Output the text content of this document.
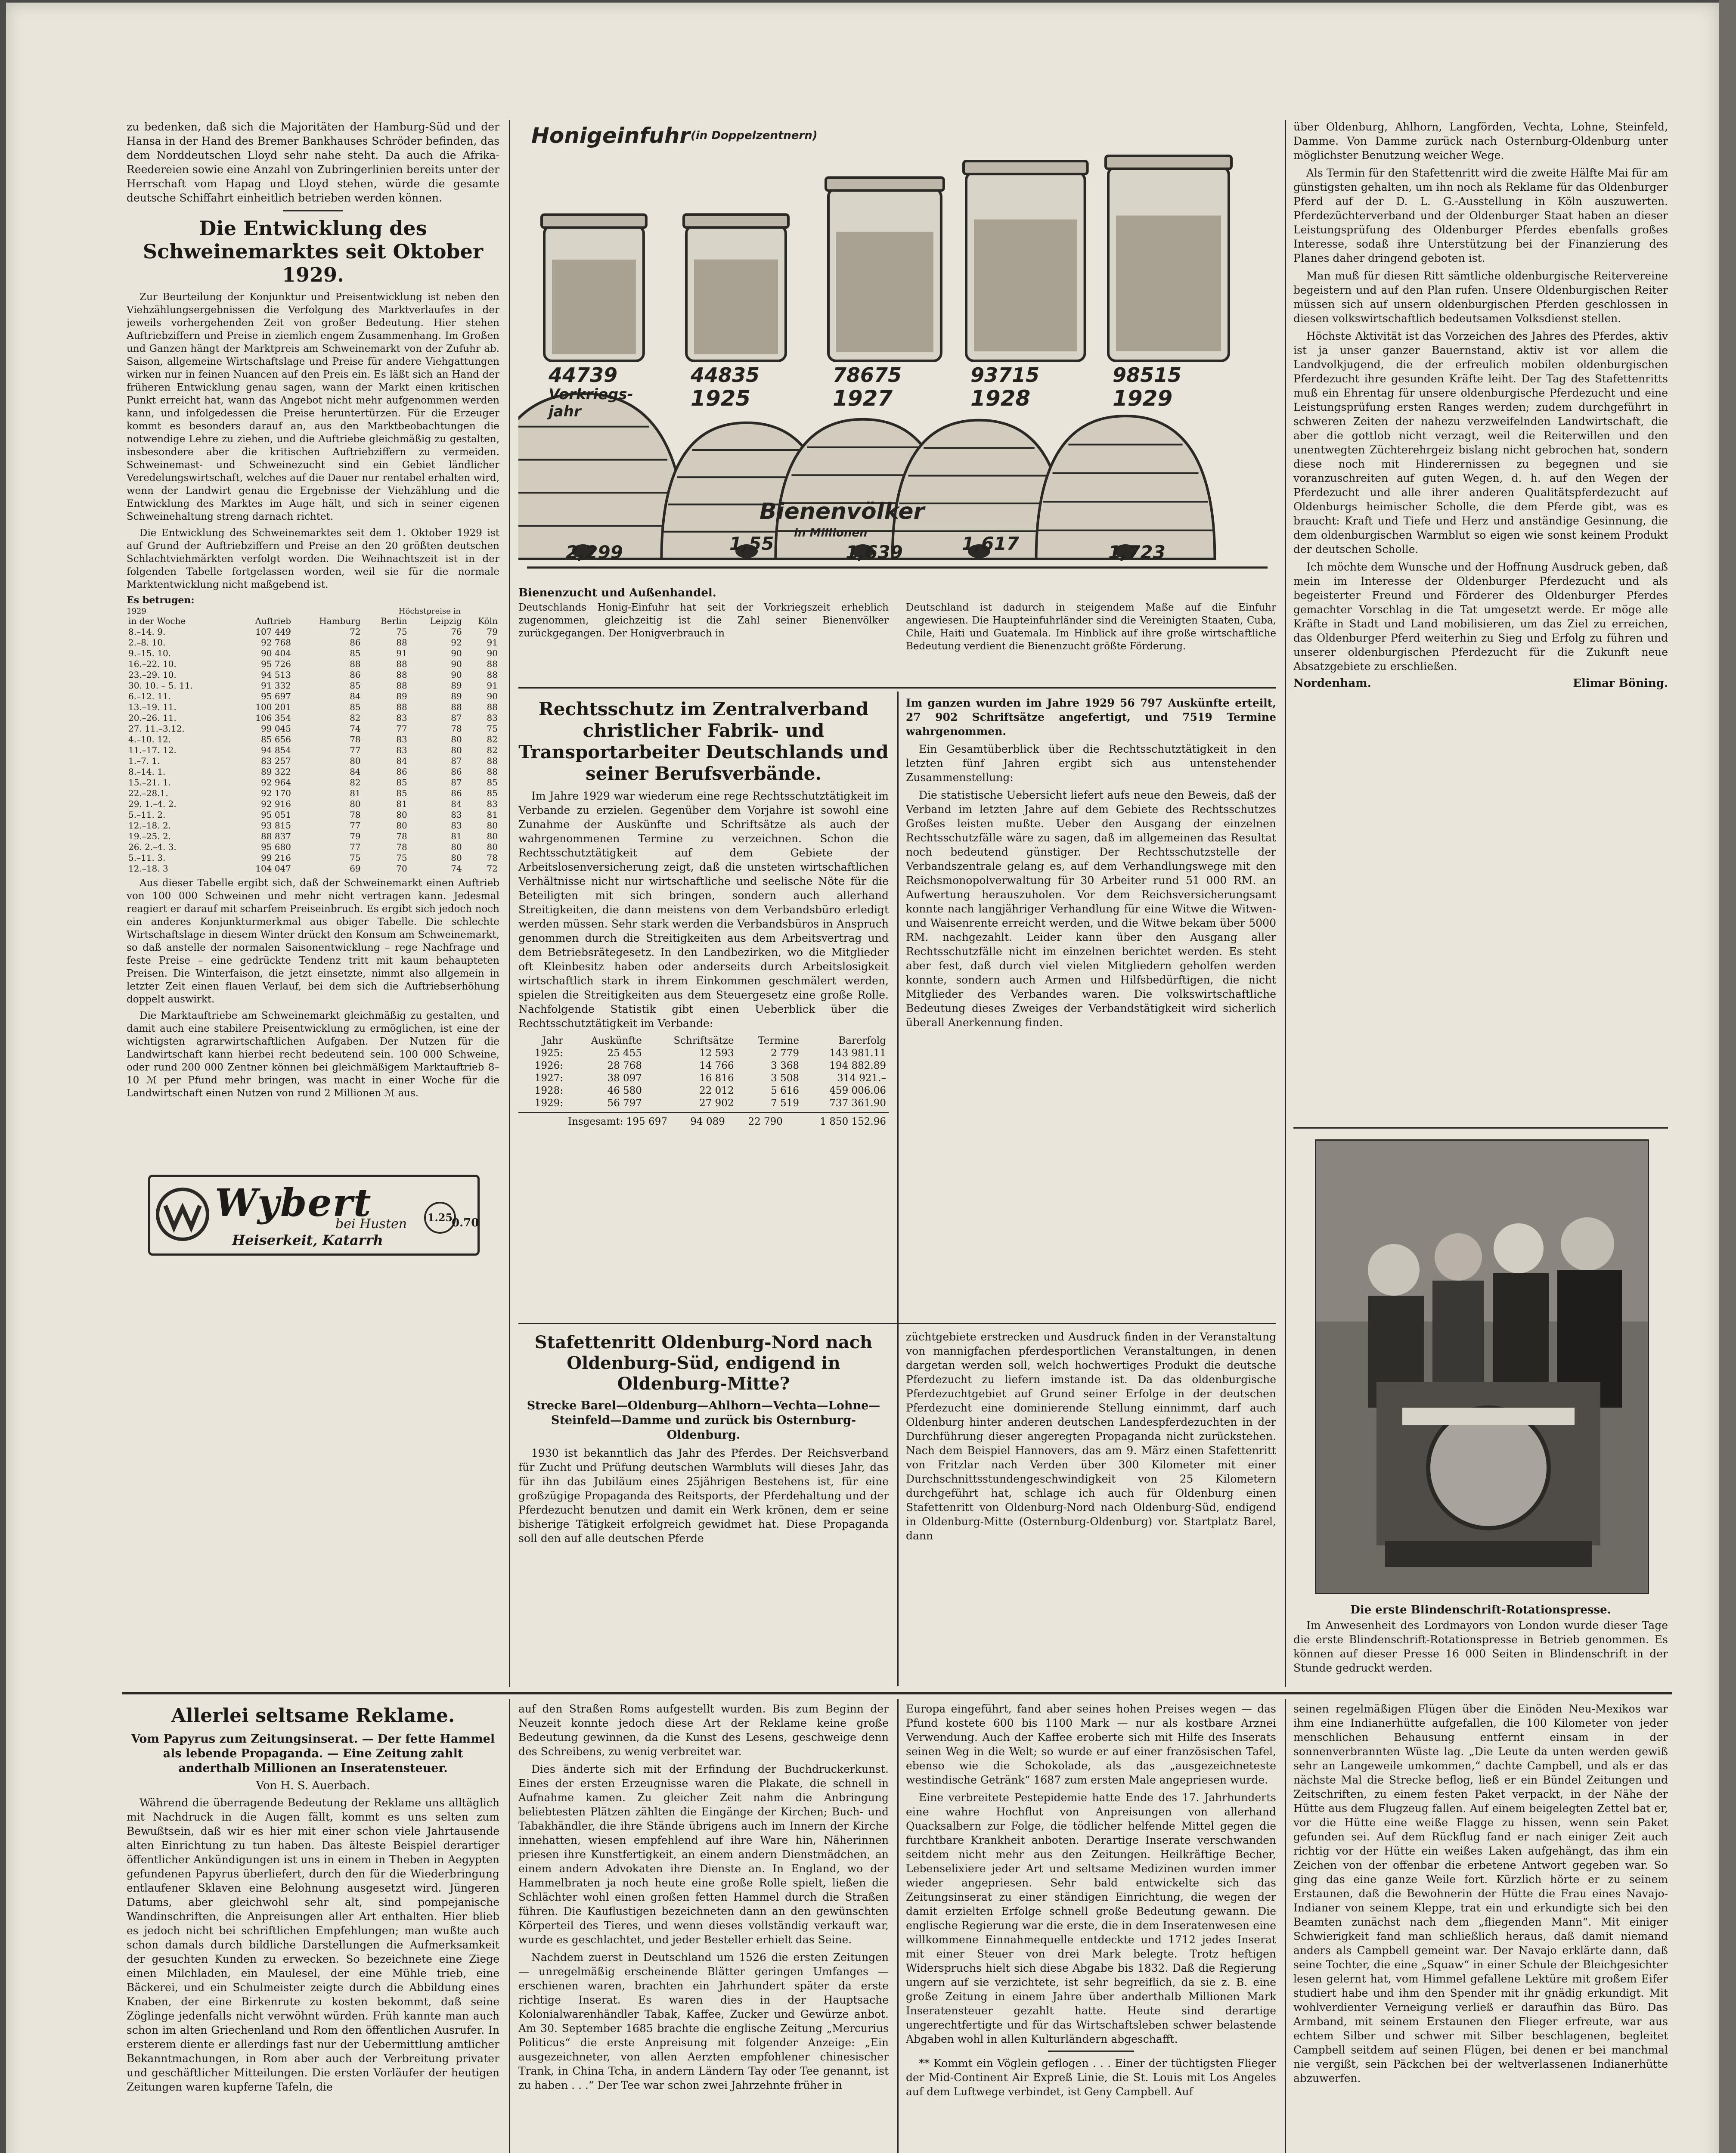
zu bedenken, daß sich die Majoritäten der Hamburg-Süd und der Hansa in der Hand des Bremer Bankhauses Schröder befinden, das dem Norddeutschen Lloyd sehr nahe steht. Da auch die Afrika-Reedereien sowie eine Anzahl von Zubringerlinien bereits unter der Herrschaft vom Hapag und Lloyd stehen, würde die gesamte deutsche Schiffahrt einheitlich betrieben werden können.

Die Entwicklung des Schweinemarktes seit Oktober 1929.

Zur Beurteilung der Konjunktur und Preisentwicklung ist neben den Viehzählungsergebnissen die Verfolgung des Marktverlaufes in der jeweils vorhergehenden Zeit von großer Bedeutung. Hier stehen Auftriebziffern und Preise in ziemlich engem Zusammenhang. Im Großen und Ganzen hängt der Marktpreis am Schweinemarkt von der Zufuhr ab. Saison, allgemeine Wirtschaftslage und Preise für andere Viehgattungen wirken nur in feinen Nuancen auf den Preis ein. Es läßt sich an Hand der früheren Entwicklung genau sagen, wann der Markt einen kritischen Punkt erreicht hat, wann das Angebot nicht mehr aufgenommen werden kann, und infolgedessen die Preise heruntertürzen. Für die Erzeuger kommt es besonders darauf an, aus den Marktbeobachtungen die notwendige Lehre zu ziehen, und die Auftriebe gleichmäßig zu gestalten, insbesondere aber die kritischen Auftriebziffern zu vermeiden. Schweinemast- und Schweinezucht sind ein Gebiet ländlicher Veredelungswirtschaft, welches auf die Dauer nur rentabel erhalten wird, wenn der Landwirt genau die Ergebnisse der Viehzählung und die Entwicklung des Marktes im Auge hält, und sich in seiner eigenen Schweinehaltung streng darnach richtet.

Die Entwicklung des Schweinemarktes seit dem 1. Oktober 1929 ist auf Grund der Auftriebziffern und Preise an den 20 größten deutschen Schlachtviehmärkten verfolgt worden. Die Weihnachtszeit ist in der folgenden Tabelle fortgelassen worden, weil sie für die normale Marktentwicklung nicht maßgebend ist.

Es betrugen:
1929	Höchstpreise in
in der Woche	Auftrieb	Hamburg	Berlin	Leipzig	Köln
8.–14. 9.	107 449	72	75	76	79
2.–8. 10.	92 768	86	88	92	91
9.–15. 10.	90 404	85	91	90	90
16.–22. 10.	95 726	88	88	90	88
23.–29. 10.	94 513	86	88	90	88
30. 10. – 5. 11.	91 332	85	88	89	91
6.–12. 11.	95 697	84	89	89	90
13.–19. 11.	100 201	85	88	88	88
20.–26. 11.	106 354	82	83	87	83
27. 11.–3.12.	99 045	74	77	78	75
4.–10. 12.	85 656	78	83	80	82
11.–17. 12.	94 854	77	83	80	82
1.–7. 1.	83 257	80	84	87	88
8.–14. 1.	89 322	84	86	86	88
15.–21. 1.	92 964	82	85	87	85
22.–28.1.	92 170	81	85	86	85
29. 1.–4. 2.	92 916	80	81	84	83
5.–11. 2.	95 051	78	80	83	81
12.–18. 2.	93 815	77	80	83	80
19.–25. 2.	88 837	79	78	81	80
26. 2.–4. 3.	95 680	77	78	80	80
5.–11. 3.	99 216	75	75	80	78
12.–18. 3	104 047	69	70	74	72

Aus dieser Tabelle ergibt sich, daß der Schweinemarkt einen Auftrieb von 100 000 Schweinen und mehr nicht vertragen kann. Jedesmal reagiert er darauf mit scharfem Preiseinbruch. Es ergibt sich jedoch noch ein anderes Konjunkturmerkmal aus obiger Tabelle. Die schlechte Wirtschaftslage in diesem Winter drückt den Konsum am Schweinemarkt, so daß anstelle der normalen Saisonentwicklung – rege Nachfrage und feste Preise – eine gedrückte Tendenz tritt mit kaum behaupteten Preisen. Die Winterfaison, die jetzt einsetzte, nimmt also allgemein in letzter Zeit einen flauen Verlauf, bei dem sich die Auftriebserhöhung doppelt auswirkt.

Die Marktauftriebe am Schweinemarkt gleichmäßig zu gestalten, und damit auch eine stabilere Preisentwicklung zu ermöglichen, ist eine der wichtigsten agrarwirtschaftlichen Aufgaben. Der Nutzen für die Landwirtschaft kann hierbei recht bedeutend sein. 100 000 Schweine, oder rund 200 000 Zentner können bei gleichmäßigem Marktauftrieb 8–10 ℳ per Pfund mehr bringen, was macht in einer Woche für die Landwirtschaft einen Nutzen von rund 2 Millionen ℳ aus.

Wybert
bei Husten
Heiserkeit, Katarrh
1.25
0.70
Honigeinfuhr (in Doppelzentnern)
44739
Vorkriegs-jahr
44835
1925
78675
1927
93715
1928
98515
1929
2,299	1,55	1,639	1,617	1,723
Bienenvölker
in Millionen
Bienenzucht und Außenhandel.

Deutschlands Honig-Einfuhr hat seit der Vorkriegszeit erheblich zugenommen, gleichzeitig ist die Zahl seiner Bienenvölker zurückgegangen. Der Honigverbrauch in

Deutschland ist dadurch in steigendem Maße auf die Einfuhr angewiesen. Die Haupteinfuhrländer sind die Vereinigten Staaten, Cuba, Chile, Haiti und Guatemala. Im Hinblick auf ihre große wirtschaftliche Bedeutung verdient die Bienenzucht größte Förderung.

Rechtsschutz im Zentralverband christlicher Fabrik- und Transportarbeiter Deutschlands und seiner Berufsverbände.

Im Jahre 1929 war wiederum eine rege Rechtsschutztätigkeit im Verbande zu erzielen. Gegenüber dem Vorjahre ist sowohl eine Zunahme der Auskünfte und Schriftsätze als auch der wahrgenommenen Termine zu verzeichnen. Schon die Rechtsschutztätigkeit auf dem Gebiete der Arbeitslosenversicherung zeigt, daß die unsteten wirtschaftlichen Verhältnisse nicht nur wirtschaftliche und seelische Nöte für die Beteiligten mit sich bringen, sondern auch allerhand Streitigkeiten, die dann meistens von dem Verbandsbüro erledigt werden müssen. Sehr stark werden die Verbandsbüros in Anspruch genommen durch die Streitigkeiten aus dem Arbeitsvertrag und dem Betriebsrätegesetz. In den Landbezirken, wo die Mitglieder oft Kleinbesitz haben oder anderseits durch Arbeitslosigkeit wirtschaftlich stark in ihrem Einkommen geschmälert werden, spielen die Streitigkeiten aus dem Steuergesetz eine große Rolle. Nachfolgende Statistik gibt einen Ueberblick über die Rechtsschutztätigkeit im Verbande:

Jahr	Auskünfte	Schriftsätze	Termine	Barerfolg
1925:	25 455	12 593	2 779	143 981.11
1926:	28 768	14 766	3 368	194 882.89
1927:	38 097	16 816	3 508	314 921.–
1928:	46 580	22 012	5 616	459 006.06
1929:	56 797	27 902	7 519	737 361.90
Insgesamt: 195 697	94 089	22 790	1 850 152.96

Im ganzen wurden im Jahre 1929 56 797 Auskünfte erteilt, 27 902 Schriftsätze angefertigt, und 7519 Termine wahrgenommen.

Ein Gesamtüberblick über die Rechtsschutztätigkeit in den letzten fünf Jahren ergibt sich aus untenstehender Zusammenstellung:

Die statistische Uebersicht liefert aufs neue den Beweis, daß der Verband im letzten Jahre auf dem Gebiete des Rechtsschutzes Großes leisten mußte. Ueber den Ausgang der einzelnen Rechtsschutzfälle wäre zu sagen, daß im allgemeinen das Resultat noch bedeutend günstiger. Der Rechtsschutzstelle der Verbandszentrale gelang es, auf dem Verhandlungswege mit den Reichsmonopolverwaltung für 30 Arbeiter rund 51 000 RM. an Aufwertung herauszuholen. Vor dem Reichsversicherungsamt konnte nach langjähriger Verhandlung für eine Witwe die Witwen- und Waisenrente erreicht werden, und die Witwe bekam über 5000 RM. nachgezahlt. Leider kann über den Ausgang aller Rechtsschutzfälle nicht im einzelnen berichtet werden. Es steht aber fest, daß durch viel vielen Mitgliedern geholfen werden konnte, sondern auch Armen und Hilfsbedürftigen, die nicht Mitglieder des Verbandes waren. Die volkswirtschaftliche Bedeutung dieses Zweiges der Verbandstätigkeit wird sicherlich überall Anerkennung finden.

Stafettenritt Oldenburg-Nord nach Oldenburg-Süd, endigend in Oldenburg-Mitte?
Strecke Barel—Oldenburg—Ahlhorn—Vechta—Lohne—Steinfeld—Damme und zurück bis Osternburg-Oldenburg.

1930 ist bekanntlich das Jahr des Pferdes. Der Reichsverband für Zucht und Prüfung deutschen Warmbluts will dieses Jahr, das für ihn das Jubiläum eines 25jährigen Bestehens ist, für eine großzügige Propaganda des Reitsports, der Pferdehaltung und der Pferdezucht benutzen und damit ein Werk krönen, dem er seine bisherige Tätigkeit erfolgreich gewidmet hat. Diese Propaganda soll den auf alle deutschen Pferde

züchtgebiete erstrecken und Ausdruck finden in der Veranstaltung von mannigfachen pferdesportlichen Veranstaltungen, in denen dargetan werden soll, welch hochwertiges Produkt die deutsche Pferdezucht zu liefern imstande ist. Da das oldenburgische Pferdezuchtgebiet auf Grund seiner Erfolge in der deutschen Pferdezucht eine dominierende Stellung einnimmt, darf auch Oldenburg hinter anderen deutschen Landespferdezuchten in der Durchführung dieser angeregten Propaganda nicht zurückstehen. Nach dem Beispiel Hannovers, das am 9. März einen Stafettenritt von Fritzlar nach Verden über 300 Kilometer mit einer Durchschnittsstundengeschwindigkeit von 25 Kilometern durchgeführt hat, schlage ich auch für Oldenburg einen Stafettenritt von Oldenburg-Nord nach Oldenburg-Süd, endigend in Oldenburg-Mitte (Osternburg-Oldenburg) vor. Startplatz Barel, dann

über Oldenburg, Ahlhorn, Langförden, Vechta, Lohne, Steinfeld, Damme. Von Damme zurück nach Osternburg-Oldenburg unter möglichster Benutzung weicher Wege.

Als Termin für den Stafettenritt wird die zweite Hälfte Mai für am günstigsten gehalten, um ihn noch als Reklame für das Oldenburger Pferd auf der D. L. G.-Ausstellung in Köln auszuwerten. Pferdezüchterverband und der Oldenburger Staat haben an dieser Leistungsprüfung des Oldenburger Pferdes ebenfalls großes Interesse, sodaß ihre Unterstützung bei der Finanzierung des Planes daher dringend geboten ist.

Man muß für diesen Ritt sämtliche oldenburgische Reitervereine begeistern und auf den Plan rufen. Unsere Oldenburgischen Reiter müssen sich auf unsern oldenburgischen Pferden geschlossen in diesen volkswirtschaftlich bedeutsamen Volksdienst stellen.

Höchste Aktivität ist das Vorzeichen des Jahres des Pferdes, aktiv ist ja unser ganzer Bauernstand, aktiv ist vor allem die Landvolkjugend, die der erfreulich mobilen oldenburgischen Pferdezucht ihre gesunden Kräfte leiht. Der Tag des Stafettenritts muß ein Ehrentag für unsere oldenburgische Pferdezucht und eine Leistungsprüfung ersten Ranges werden; zudem durchgeführt in schweren Zeiten der nahezu verzweifelnden Landwirtschaft, die aber die gottlob nicht verzagt, weil die Reiterwillen und den unentwegten Züchterehrgeiz bislang nicht gebrochen hat, sondern diese noch mit Hinderernissen zu begegnen und sie voranzuschreiten auf guten Wegen, d. h. auf den Wegen der Pferdezucht und alle ihrer anderen Qualitätspferdezucht auf Oldenburgs heimischer Scholle, die dem Pferde gibt, was es braucht: Kraft und Tiefe und Herz und anständige Gesinnung, die dem oldenburgischen Warmblut so eigen wie sonst keinem Produkt der deutschen Scholle.

Ich möchte dem Wunsche und der Hoffnung Ausdruck geben, daß mein im Interesse der Oldenburger Pferdezucht und als begeisterter Freund und Förderer des Oldenburger Pferdes gemachter Vorschlag in die Tat umgesetzt werde. Er möge alle Kräfte in Stadt und Land mobilisieren, um das Ziel zu erreichen, das Oldenburger Pferd weiterhin zu Sieg und Erfolg zu führen und unserer oldenburgischen Pferdezucht für die Zukunft neue Absatzgebiete zu erschließen.

Nordenham.	Elimar Böning.
Die erste Blindenschrift-Rotationspresse.

Im Anwesenheit des Lordmayors von London wurde dieser Tage die erste Blindenschrift-Rotationspresse in Betrieb genommen. Es können auf dieser Presse 16 000 Seiten in Blindenschrift in der Stunde gedruckt werden.

Allerlei seltsame Reklame.
Vom Papyrus zum Zeitungsinserat. — Der fette Hammel als lebende Propaganda. — Eine Zeitung zahlt anderthalb Millionen an Inseratensteuer.
Von H. S. Auerbach.

Während die überragende Bedeutung der Reklame uns alltäglich mit Nachdruck in die Augen fällt, kommt es uns selten zum Bewußtsein, daß wir es hier mit einer schon viele Jahrtausende alten Einrichtung zu tun haben. Das älteste Beispiel derartiger öffentlicher Ankündigungen ist uns in einem in Theben in Aegypten gefundenen Papyrus überliefert, durch den für die Wiederbringung entlaufener Sklaven eine Belohnung ausgesetzt wird. Jüngeren Datums, aber gleichwohl sehr alt, sind pompejanische Wandinschriften, die Anpreisungen aller Art enthalten. Hier blieb es jedoch nicht bei schriftlichen Empfehlungen; man wußte auch schon damals durch bildliche Darstellungen die Aufmerksamkeit der gesuchten Kunden zu erwecken. So bezeichnete eine Ziege einen Milchladen, ein Maulesel, der eine Mühle trieb, eine Bäckerei, und ein Schulmeister zeigte durch die Abbildung eines Knaben, der eine Birkenrute zu kosten bekommt, daß seine Zöglinge jedenfalls nicht verwöhnt würden. Früh kannte man auch schon im alten Griechenland und Rom den öffentlichen Ausrufer. In ersterem diente er allerdings fast nur der Uebermittlung amtlicher Bekanntmachungen, in Rom aber auch der Verbreitung privater und geschäftlicher Mitteilungen. Die ersten Vorläufer der heutigen Zeitungen waren kupferne Tafeln, die

auf den Straßen Roms aufgestellt wurden. Bis zum Beginn der Neuzeit konnte jedoch diese Art der Reklame keine große Bedeutung gewinnen, da die Kunst des Lesens, geschweige denn des Schreibens, zu wenig verbreitet war.

Dies änderte sich mit der Erfindung der Buchdruckerkunst. Eines der ersten Erzeugnisse waren die Plakate, die schnell in Aufnahme kamen. Zu gleicher Zeit nahm die Anbringung beliebtesten Plätzen zählten die Eingänge der Kirchen; Buch- und Tabakhändler, die ihre Stände übrigens auch im Innern der Kirche innehatten, wiesen empfehlend auf ihre Ware hin, Näherinnen priesen ihre Kunstfertigkeit, an einem andern Dienstmädchen, an einem andern Advokaten ihre Dienste an. In England, wo der Hammelbraten ja noch heute eine große Rolle spielt, ließen die Schlächter wohl einen großen fetten Hammel durch die Straßen führen. Die Kauflustigen bezeichneten dann an den gewünschten Körperteil des Tieres, und wenn dieses vollständig verkauft war, wurde es geschlachtet, und jeder Besteller erhielt das Seine.

Nachdem zuerst in Deutschland um 1526 die ersten Zeitungen — unregelmäßig erscheinende Blätter geringen Umfanges — erschienen waren, brachten ein Jahrhundert später da erste richtige Inserat. Es waren dies in der Hauptsache Kolonialwarenhändler Tabak, Kaffee, Zucker und Gewürze anbot. Am 30. September 1685 brachte die englische Zeitung „Mercurius Politicus“ die erste Anpreisung mit folgender Anzeige: „Ein ausgezeichneter, von allen Aerzten empfohlener chinesischer Trank, in China Tcha, in andern Ländern Tay oder Tee genannt, ist zu haben . . .“ Der Tee war schon zwei Jahrzehnte früher in

Europa eingeführt, fand aber seines hohen Preises wegen — das Pfund kostete 600 bis 1100 Mark — nur als kostbare Arznei Verwendung. Auch der Kaffee eroberte sich mit Hilfe des Inserats seinen Weg in die Welt; so wurde er auf einer französischen Tafel, ebenso wie die Schokolade, als das „ausgezeichneteste westindische Getränk“ 1687 zum ersten Male angepriesen wurde.

Eine verbreitete Pestepidemie hatte Ende des 17. Jahrhunderts eine wahre Hochflut von Anpreisungen von allerhand Quacksalbern zur Folge, die tödlicher helfende Mittel gegen die furchtbare Krankheit anboten. Derartige Inserate verschwanden seitdem nicht mehr aus den Zeitungen. Heilkräftige Becher, Lebenselixiere jeder Art und seltsame Medizinen wurden immer wieder angepriesen. Sehr bald entwickelte sich das Zeitungsinserat zu einer ständigen Einrichtung, die wegen der damit erzielten Erfolge schnell große Bedeutung gewann. Die englische Regierung war die erste, die in dem Inseratenwesen eine willkommene Einnahmequelle entdeckte und 1712 jedes Inserat mit einer Steuer von drei Mark belegte. Trotz heftigen Widerspruchs hielt sich diese Abgabe bis 1832. Daß die Regierung ungern auf sie verzichtete, ist sehr begreiflich, da sie z. B. eine große Zeitung in einem Jahre über anderthalb Millionen Mark Inseratensteuer gezahlt hatte. Heute sind derartige ungerechtfertigte und für das Wirtschaftsleben schwer belastende Abgaben wohl in allen Kulturländern abgeschafft.

** Kommt ein Vöglein geflogen . . . Einer der tüchtigsten Flieger der Mid-Continent Air Expreß Linie, die St. Louis mit Los Angeles auf dem Luftwege verbindet, ist Geny Campbell. Auf

seinen regelmäßigen Flügen über die Einöden Neu-Mexikos war ihm eine Indianerhütte aufgefallen, die 100 Kilometer von jeder menschlichen Behausung entfernt einsam in der sonnenverbrannten Wüste lag. „Die Leute da unten werden gewiß sehr an Langeweile umkommen,“ dachte Campbell, und als er das nächste Mal die Strecke beflog, ließ er ein Bündel Zeitungen und Zeitschriften, zu einem festen Paket verpackt, in der Nähe der Hütte aus dem Flugzeug fallen. Auf einem beigelegten Zettel bat er, vor die Hütte eine weiße Flagge zu hissen, wenn sein Paket gefunden sei. Auf dem Rückflug fand er nach einiger Zeit auch richtig vor der Hütte ein weißes Laken aufgehängt, das ihm ein Zeichen von der offenbar die erbetene Antwort gegeben war. So ging das eine ganze Weile fort. Kürzlich hörte er zu seinem Erstaunen, daß die Bewohnerin der Hütte die Frau eines Navajo-Indianer von seinem Kleppe, trat ein und erkundigte sich bei den Beamten zunächst nach dem „fliegenden Mann“. Mit einiger Schwierigkeit fand man schließlich heraus, daß damit niemand anders als Campbell gemeint war. Der Navajo erklärte dann, daß seine Tochter, die eine „Squaw“ in einer Schule der Bleichgesichter lesen gelernt hat, vom Himmel gefallene Lektüre mit großem Eifer studiert habe und ihm den Spender mit ihr gnädig erkundigt. Mit wohlverdienter Verneigung verließ er daraufhin das Büro. Das Armband, mit seinem Erstaunen den Flieger erfreute, war aus echtem Silber und schwer mit Silber beschlagenen, begleitet Campbell seitdem auf seinen Flügen, bei denen er bei manchmal nie vergißt, sein Päckchen bei der weltverlassenen Indianerhütte abzuwerfen.
